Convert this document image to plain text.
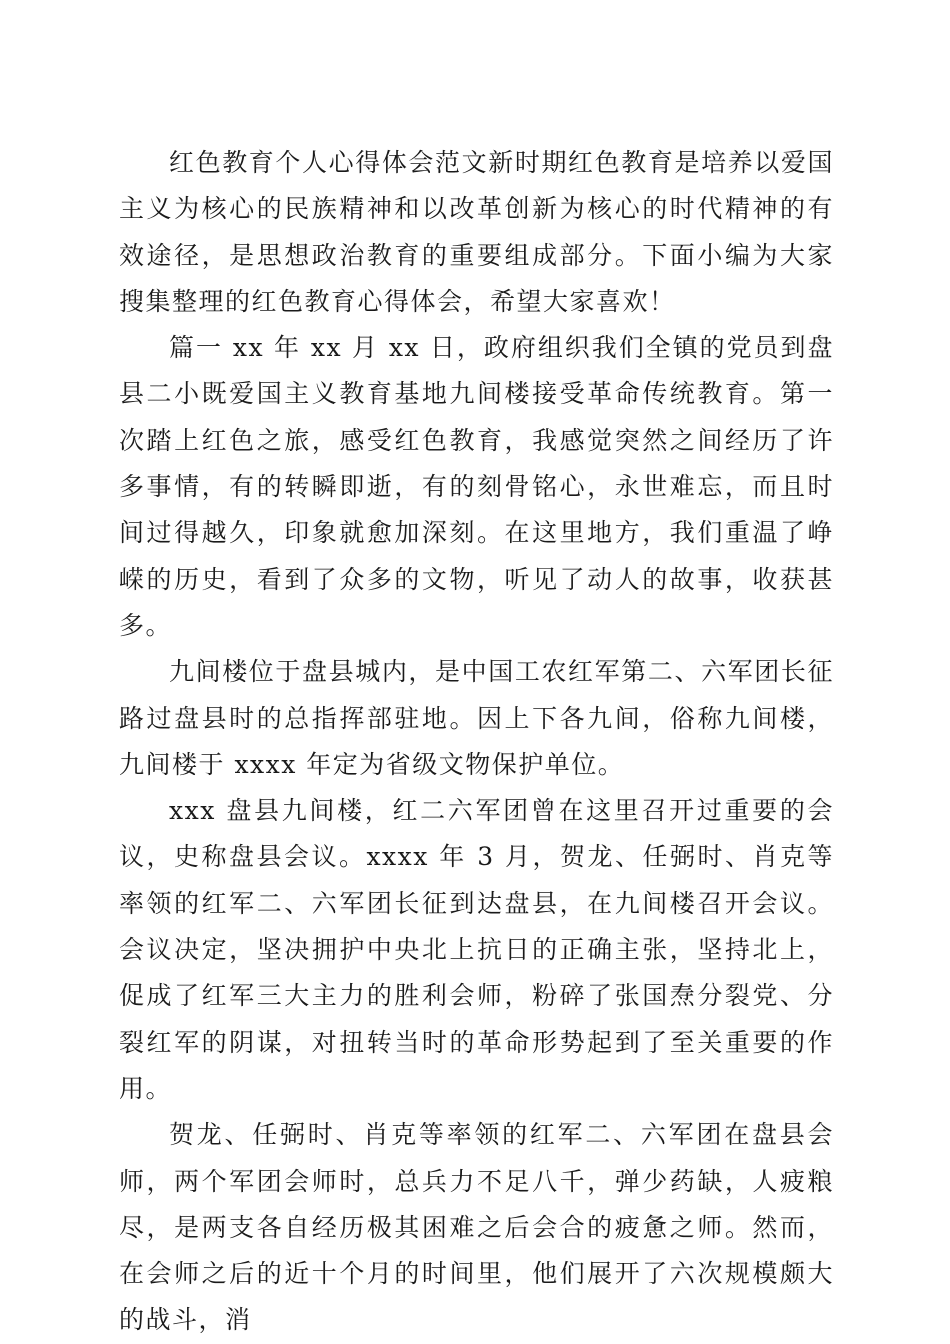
红色教育个人心得体会范文新时期红色教育是培养以爱国主义为核心的民族精神和以改革创新为核心的时代精神的有效途径，是思想政治教育的重要组成部分。下面小编为大家搜集整理的红色教育心得体会，希望大家喜欢！

篇一 xx 年 xx 月 xx 日，政府组织我们全镇的党员到盘县二小既爱国主义教育基地九间楼接受革命传统教育。第一次踏上红色之旅，感受红色教育，我感觉突然之间经历了许多事情，有的转瞬即逝，有的刻骨铭心，永世难忘，而且时间过得越久，印象就愈加深刻。在这里地方，我们重温了峥嵘的历史，看到了众多的文物，听见了动人的故事，收获甚多。

九间楼位于盘县城内，是中国工农红军第二、六军团长征路过盘县时的总指挥部驻地。因上下各九间，俗称九间楼，九间楼于 xxxx 年定为省级文物保护单位。

xxx 盘县九间楼，红二六军团曾在这里召开过重要的会议，史称盘县会议。xxxx 年 3 月，贺龙、任弼时、肖克等率领的红军二、六军团长征到达盘县，在九间楼召开会议。会议决定，坚决拥护中央北上抗日的正确主张，坚持北上，促成了红军三大主力的胜利会师，粉碎了张国焘分裂党、分裂红军的阴谋，对扭转当时的革命形势起到了至关重要的作用。

贺龙、任弼时、肖克等率领的红军二、六军团在盘县会师，两个军团会师时，总兵力不足八千，弹少药缺，人疲粮尽，是两支各自经历极其困难之后会合的疲惫之师。然而，在会师之后的近十个月的时间里，他们展开了六次规模颇大的战斗，消
